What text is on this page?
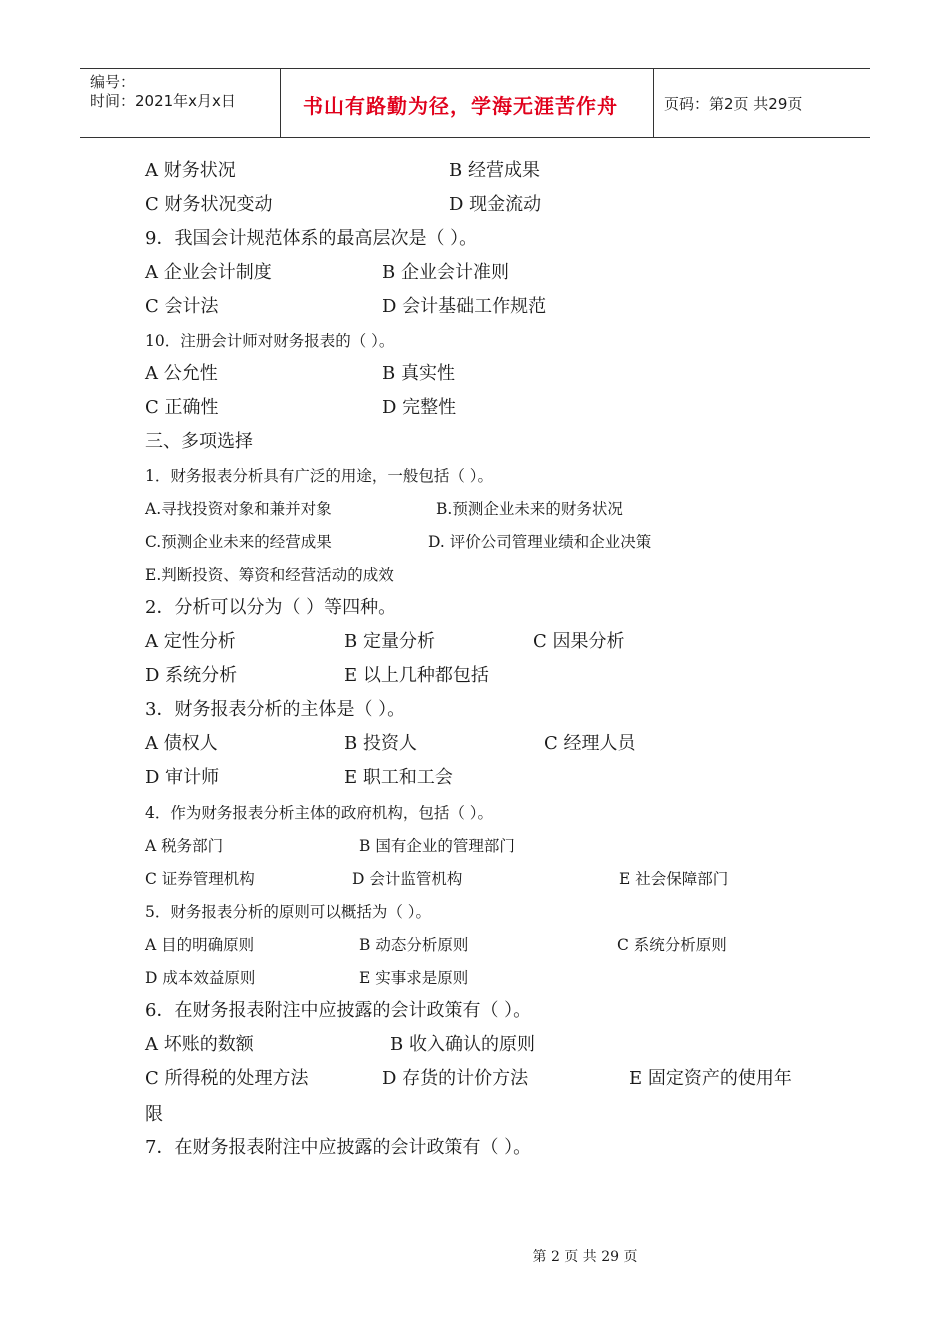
编号：
时间：2021年x月x日	书山有路勤为径，学海无涯苦作舟	页码：第2页 共29页
A 财务状况	B 经营成果
C 财务状况变动	D 现金流动
9．我国会计规范体系的最高层次是（ ）。
A 企业会计制度	B 企业会计准则
C 会计法	D 会计基础工作规范
10．注册会计师对财务报表的（ ）。
A 公允性	B 真实性
C 正确性	D 完整性
三、多项选择
1．财务报表分析具有广泛的用途，一般包括（ ）。
A.寻找投资对象和兼并对象	B.预测企业未来的财务状况
C.预测企业未来的经营成果	D. 评价公司管理业绩和企业决策
E.判断投资、筹资和经营活动的成效
2．分析可以分为（ ）等四种。
A 定性分析	B 定量分析	C 因果分析
D 系统分析	E 以上几种都包括
3．财务报表分析的主体是（ ）。
A 债权人	B 投资人	C 经理人员
D 审计师	E 职工和工会
4．作为财务报表分析主体的政府机构，包括（ ）。
A 税务部门	B 国有企业的管理部门
C 证券管理机构	D 会计监管机构	E 社会保障部门
5．财务报表分析的原则可以概括为（ ）。
A 目的明确原则	B 动态分析原则	C 系统分析原则
D 成本效益原则	E 实事求是原则
6．在财务报表附注中应披露的会计政策有（ ）。
A 坏账的数额	B 收入确认的原则
C 所得税的处理方法	D 存货的计价方法	E 固定资产的使用年
限
7．在财务报表附注中应披露的会计政策有（ ）。
第 2 页 共 29 页
